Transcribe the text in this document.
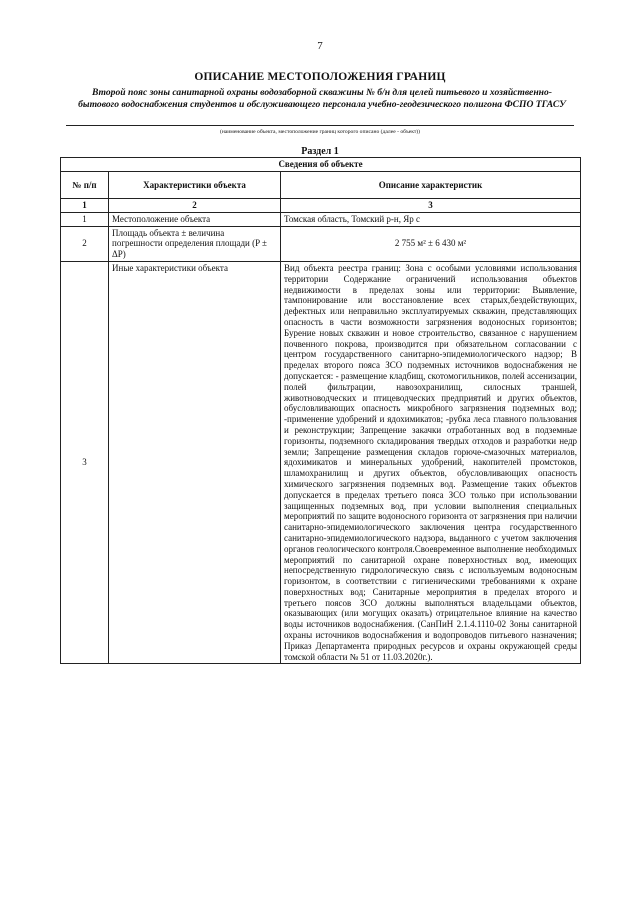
7
ОПИСАНИЕ МЕСТОПОЛОЖЕНИЯ ГРАНИЦ
Второй пояс зоны санитарной охраны водозаборной скважины № б/н для целей питьевого и хозяйственно-бытового водоснабжения студентов и обслуживающего персонала учебно-геодезического полигона ФСПО ТГАСУ
(наименование объекта, местоположение границ которого описано (далее - объект))
Раздел 1
Сведения об объекте		
№ п/п	Характеристики объекта	Описание характеристик
1	2	3
1	Местоположение объекта	Томская область, Томский р-н, Яр с
2	Площадь объекта ± величина погрешности определения площади (P ± ΔP)	2 755 м² ± 6 430 м²
3	Иные характеристики объекта	Вид объекта реестра границ: Зона с особыми условиями использования территории Содержание ограничений использования объектов недвижимости в пределах зоны или территории: Выявление, тампонирование или восстановление всех старых,бездействующих, дефектных или неправильно эксплуатируемых скважин, представляющих опасность в части возможности загрязнения водоносных горизонтов; Бурение новых скважин и новое строительство, связанное с нарушением почвенного покрова, производится при обязательном согласовании с центром государственного санитарно-эпидемиологического надзор; В пределах второго пояса ЗСО подземных источников водоснабжения не допускается: - размещение кладбищ, скотомогильников, полей ассенизации, полей фильтрации, навозохранилищ, силосных траншей, животноводческих и птицеводческих предприятий и других объектов, обусловливающих опасность микробного загрязнения подземных вод; -применение удобрений и ядохимикатов; -рубка леса главного пользования и реконструкции; Запрещение закачки отработанных вод в подземные горизонты, подземного складирования твердых отходов и разработки недр земли; Запрещение размещения складов горюче-смазочных материалов, ядохимикатов и минеральных удобрений, накопителей промстоков, шламохранилищ и других объектов, обусловливающих опасность химического загрязнения подземных вод. Размещение таких объектов допускается в пределах третьего пояса ЗСО только при использовании защищенных подземных вод, при условии выполнения специальных мероприятий по защите водоносного горизонта от загрязнения при наличии санитарно-эпидемиологического заключения центра государственного санитарно-эпидемиологического надзора, выданного с учетом заключения органов геологического контроля.Своевременное выполнение необходимых мероприятий по санитарной охране поверхностных вод, имеющих непосредственную гидрологическую связь с используемым водоносным горизонтом, в соответствии с гигиеническими требованиями к охране поверхностных вод; Санитарные мероприятия в пределах второго и третьего поясов ЗСО должны выполняться владельцами объектов, оказывающих (или могущих оказать) отрицательное влияние на качество воды источников водоснабжения. (СанПиН 2.1.4.1110-02 Зоны санитарной охраны источников водоснабжения и водопроводов питьевого назначения; Приказ Департамента природных ресурсов и охраны окружающей среды томской области № 51 от 11.03.2020г.).
